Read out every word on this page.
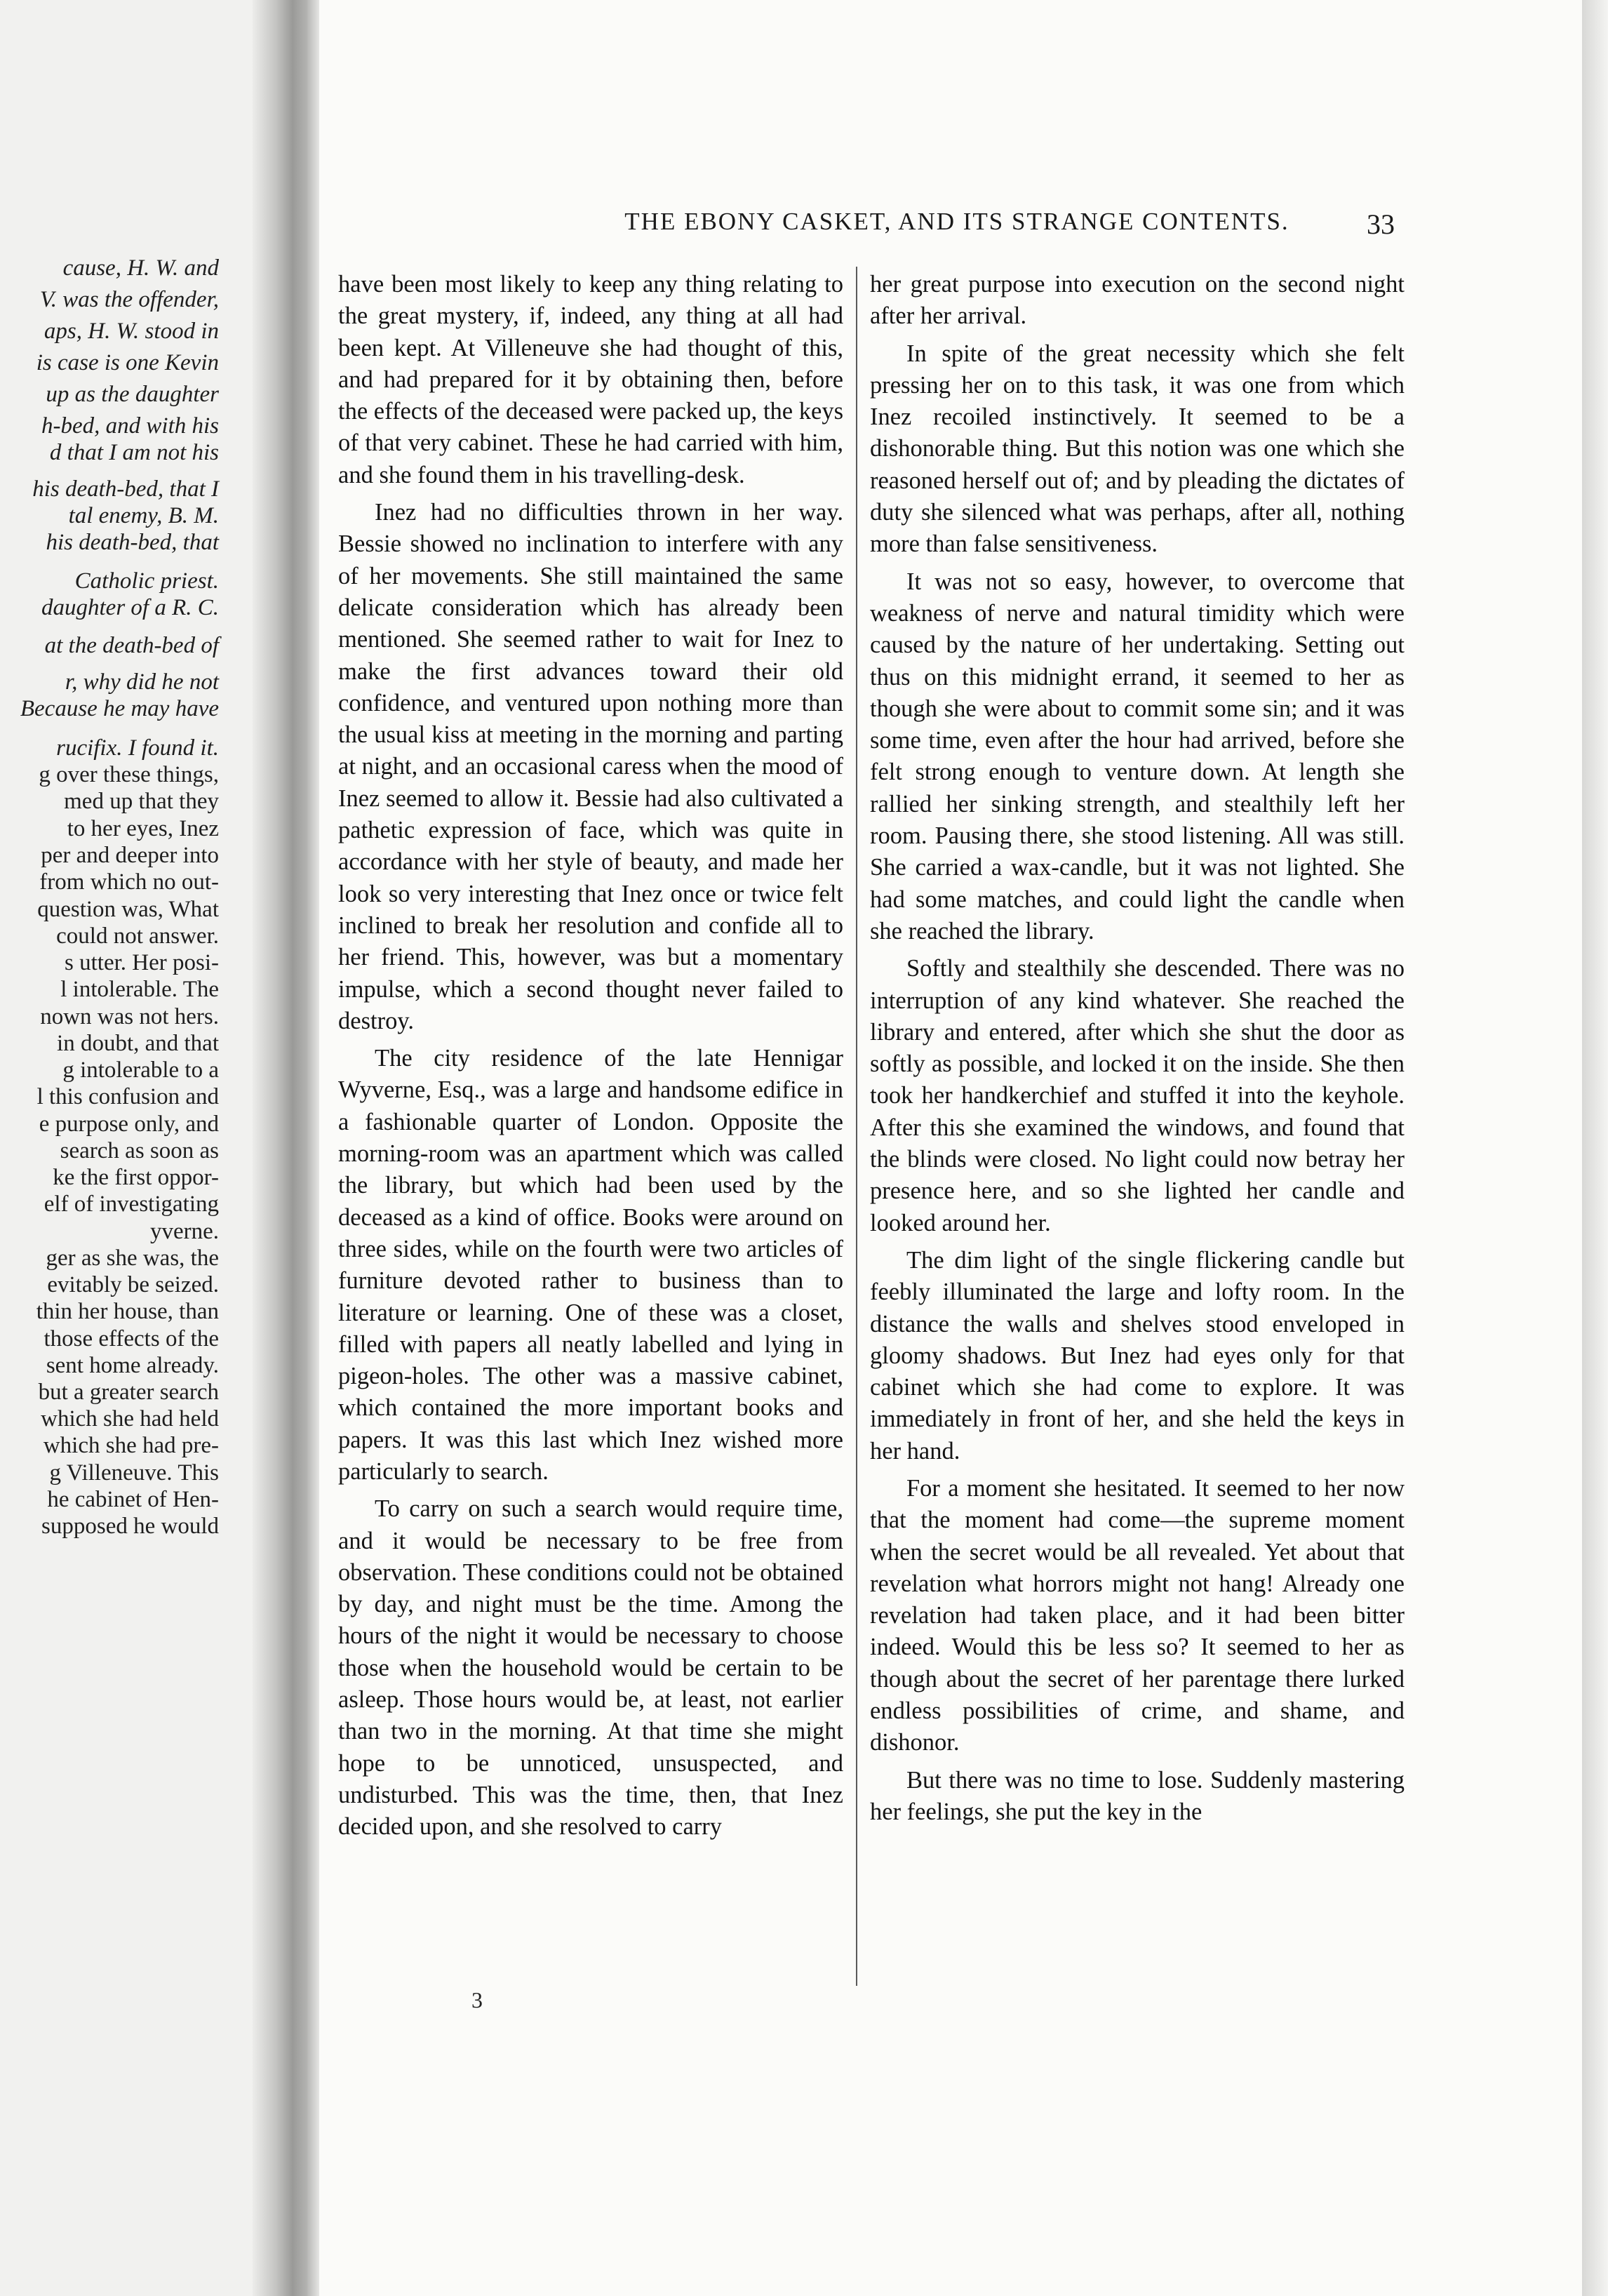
cause, H. W. and
V. was the offender,
aps, H. W. stood in
is case is one Kevin
up as the daughter
h-bed, and with his
d that I am not his
his death-bed, that I
tal enemy, B. M.
his death-bed, that
Catholic priest.
daughter of a R. C.
at the death-bed of
r, why did he not
Because he may have
rucifix. I found it.
g over these things,
med up that they
to her eyes, Inez
per and deeper into
from which no out-
question was, What
could not answer.
s utter. Her posi-
l intolerable. The
nown was not hers.
in doubt, and that
g intolerable to a
l this confusion and
e purpose only, and
search as soon as
ke the first oppor-
elf of investigating
yverne.
ger as she was, the
evitably be seized.
thin her house, than
those effects of the
sent home already.
but a greater search
which she had held
which she had pre-
g Villeneuve. This
he cabinet of Hen-
supposed he would
THE EBONY CASKET, AND ITS STRANGE CONTENTS.	33

have been most likely to keep any thing relating to the great mystery, if, indeed, any thing at all had been kept. At Villeneuve she had thought of this, and had prepared for it by obtaining then, before the effects of the deceased were packed up, the keys of that very cabinet. These he had carried with him, and she found them in his travelling-desk.

Inez had no difficulties thrown in her way. Bessie showed no inclination to interfere with any of her movements. She still maintained the same delicate consideration which has already been mentioned. She seemed rather to wait for Inez to make the first advances toward their old confidence, and ventured upon nothing more than the usual kiss at meeting in the morning and parting at night, and an occasional caress when the mood of Inez seemed to allow it. Bessie had also cultivated a pathetic expression of face, which was quite in accordance with her style of beauty, and made her look so very interesting that Inez once or twice felt inclined to break her resolution and confide all to her friend. This, however, was but a momentary impulse, which a second thought never failed to destroy.

The city residence of the late Hennigar Wyverne, Esq., was a large and handsome edifice in a fashionable quarter of London. Opposite the morning-room was an apartment which was called the library, but which had been used by the deceased as a kind of office. Books were around on three sides, while on the fourth were two articles of furniture devoted rather to business than to literature or learning. One of these was a closet, filled with papers all neatly labelled and lying in pigeon-holes. The other was a massive cabinet, which contained the more important books and papers. It was this last which Inez wished more particularly to search.

To carry on such a search would require time, and it would be necessary to be free from observation. These conditions could not be obtained by day, and night must be the time. Among the hours of the night it would be necessary to choose those when the household would be certain to be asleep. Those hours would be, at least, not earlier than two in the morning. At that time she might hope to be unnoticed, unsuspected, and undisturbed. This was the time, then, that Inez decided upon, and she resolved to carry

her great purpose into execution on the second night after her arrival.

In spite of the great necessity which she felt pressing her on to this task, it was one from which Inez recoiled instinctively. It seemed to be a dishonorable thing. But this notion was one which she reasoned herself out of; and by pleading the dictates of duty she silenced what was perhaps, after all, nothing more than false sensitiveness.

It was not so easy, however, to overcome that weakness of nerve and natural timidity which were caused by the nature of her undertaking. Setting out thus on this midnight errand, it seemed to her as though she were about to commit some sin; and it was some time, even after the hour had arrived, before she felt strong enough to venture down. At length she rallied her sinking strength, and stealthily left her room. Pausing there, she stood listening. All was still. She carried a wax-candle, but it was not lighted. She had some matches, and could light the candle when she reached the library.

Softly and stealthily she descended. There was no interruption of any kind whatever. She reached the library and entered, after which she shut the door as softly as possible, and locked it on the inside. She then took her handkerchief and stuffed it into the keyhole. After this she examined the windows, and found that the blinds were closed. No light could now betray her presence here, and so she lighted her candle and looked around her.

The dim light of the single flickering candle but feebly illuminated the large and lofty room. In the distance the walls and shelves stood enveloped in gloomy shadows. But Inez had eyes only for that cabinet which she had come to explore. It was immediately in front of her, and she held the keys in her hand.

For a moment she hesitated. It seemed to her now that the moment had come—the supreme moment when the secret would be all revealed. Yet about that revelation what horrors might not hang! Already one revelation had taken place, and it had been bitter indeed. Would this be less so? It seemed to her as though about the secret of her parentage there lurked endless possibilities of crime, and shame, and dishonor.

But there was no time to lose. Suddenly mastering her feelings, she put the key in the

3
